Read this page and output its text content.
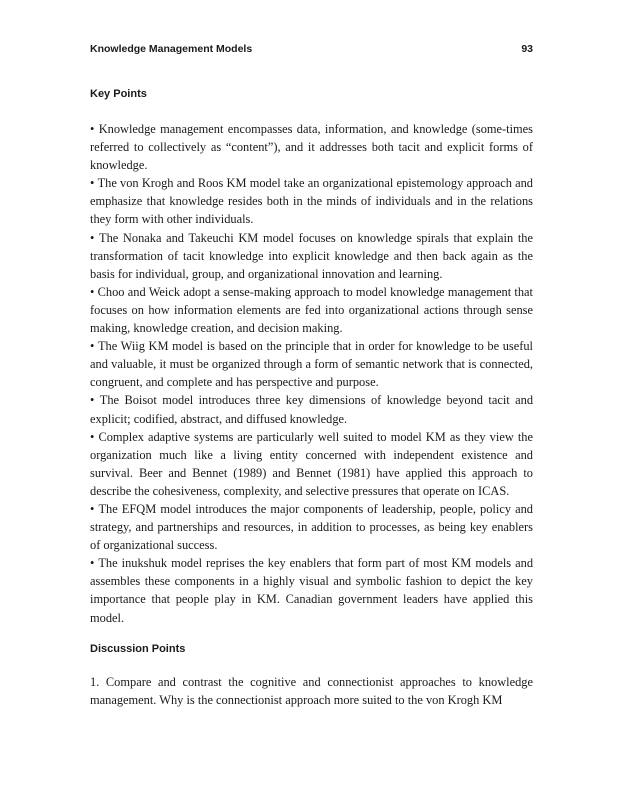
Knowledge Management Models	93
Key Points

• Knowledge management encompasses data, information, and knowledge (some-times referred to collectively as “content”), and it addresses both tacit and explicit forms of knowledge.

• The von Krogh and Roos KM model take an organizational epistemology approach and emphasize that knowledge resides both in the minds of individuals and in the relations they form with other individuals.

• The Nonaka and Takeuchi KM model focuses on knowledge spirals that explain the transformation of tacit knowledge into explicit knowledge and then back again as the basis for individual, group, and organizational innovation and learning.

• Choo and Weick adopt a sense-making approach to model knowledge management that focuses on how information elements are fed into organizational actions through sense making, knowledge creation, and decision making.

• The Wiig KM model is based on the principle that in order for knowledge to be useful and valuable, it must be organized through a form of semantic network that is connected, congruent, and complete and has perspective and purpose.

• The Boisot model introduces three key dimensions of knowledge beyond tacit and explicit; codified, abstract, and diffused knowledge.

• Complex adaptive systems are particularly well suited to model KM as they view the organization much like a living entity concerned with independent existence and survival. Beer and Bennet (1989) and Bennet (1981) have applied this approach to describe the cohesiveness, complexity, and selective pressures that operate on ICAS.

• The EFQM model introduces the major components of leadership, people, policy and strategy, and partnerships and resources, in addition to processes, as being key enablers of organizational success.

• The inukshuk model reprises the key enablers that form part of most KM models and assembles these components in a highly visual and symbolic fashion to depict the key importance that people play in KM. Canadian government leaders have applied this model.

Discussion Points

1. Compare and contrast the cognitive and connectionist approaches to knowledge management. Why is the connectionist approach more suited to the von Krogh KM
